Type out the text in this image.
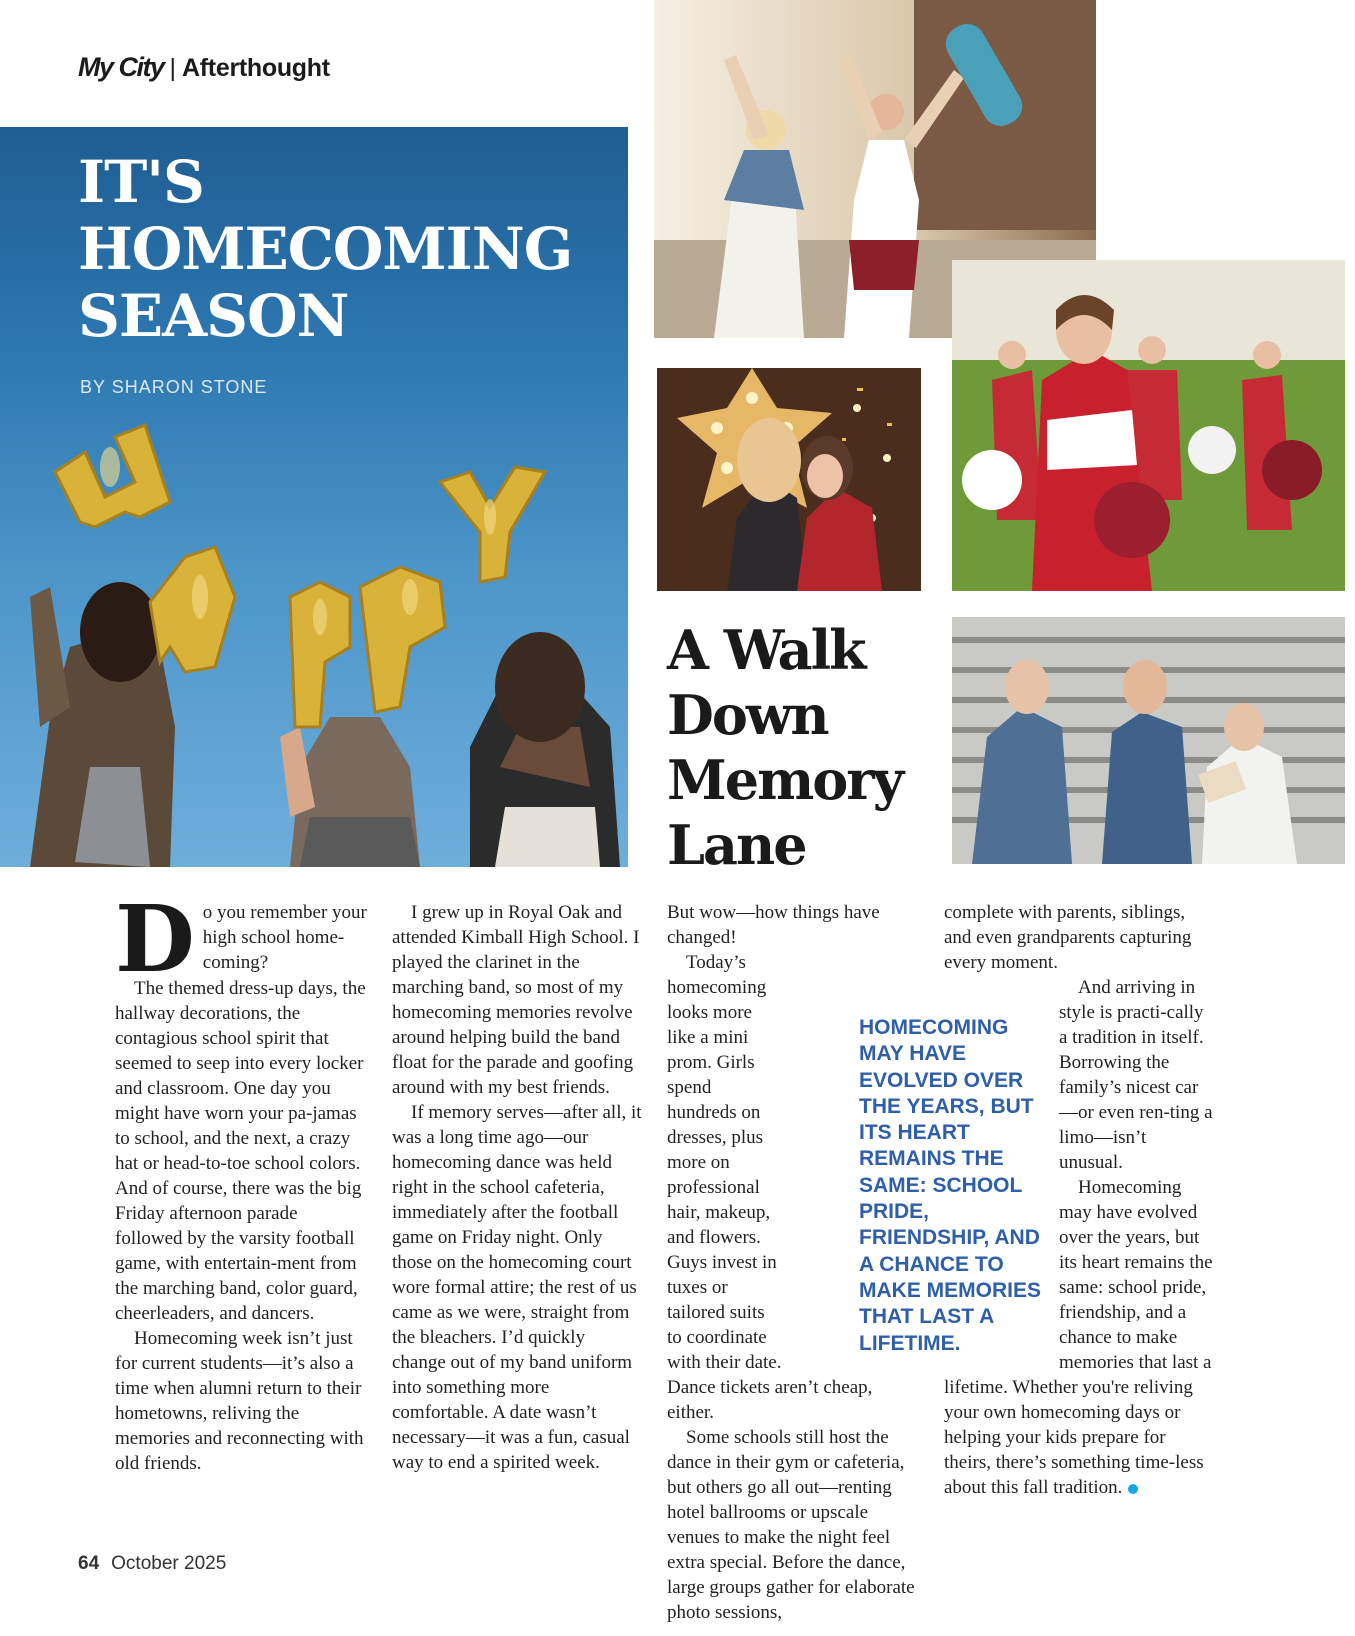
My City | Afterthought
IT'S
HOMECOMING
SEASON
BY SHARON STONE
A Walk
Down
Memory
Lane

Do you remember your high school home-coming?

The themed dress-up days, the hallway decorations, the contagious school spirit that seemed to seep into every locker and classroom. One day you might have worn your pa-jamas to school, and the next, a crazy hat or head-to-toe school colors. And of course, there was the big Friday afternoon parade followed by the varsity football game, with entertain-ment from the marching band, color guard, cheerleaders, and dancers.

Homecoming week isn’t just for current students—it’s also a time when alumni return to their hometowns, reliving the memories and reconnecting with old friends.

I grew up in Royal Oak and attended Kimball High School. I played the clarinet in the marching band, so most of my homecoming memories revolve around helping build the band float for the parade and goofing around with my best friends.

If memory serves—after all, it was a long time ago—our homecoming dance was held right in the school cafeteria, immediately after the football game on Friday night. Only those on the homecoming court wore formal attire; the rest of us came as we were, straight from the bleachers. I’d quickly change out of my band uniform into something more comfortable. A date wasn’t necessary—it was a fun, casual way to end a spirited week.

But wow—how things have changed!

Today’s homecoming looks more like a mini prom. Girls spend hundreds on dresses, plus more on professional hair, makeup, and flowers. Guys invest in tuxes or tailored suits to coordinate with their date. Dance tickets aren’t cheap, either.

Some schools still host the dance in their gym or cafeteria, but others go all out—renting hotel ballrooms or upscale venues to make the night feel extra special. Before the dance, large groups gather for elaborate photo sessions,

complete with parents, siblings, and even grandparents capturing every moment.

And arriving in style is practi-cally a tradition in itself. Borrowing the family’s nicest car—or even ren-ting a limo—isn’t unusual.

Homecoming may have evolved over the years, but its heart remains the same: school pride, friendship, and a chance to make memories that last a lifetime. Whether you're reliving your own homecoming days or helping your kids prepare for theirs, there’s something time-less about this fall tradition.

HOMECOMING MAY HAVE EVOLVED OVER THE YEARS, BUT ITS HEART REMAINS THE SAME: SCHOOL PRIDE, FRIENDSHIP, AND A CHANCE TO MAKE MEMORIES THAT LAST A LIFETIME.

64 October 2025
